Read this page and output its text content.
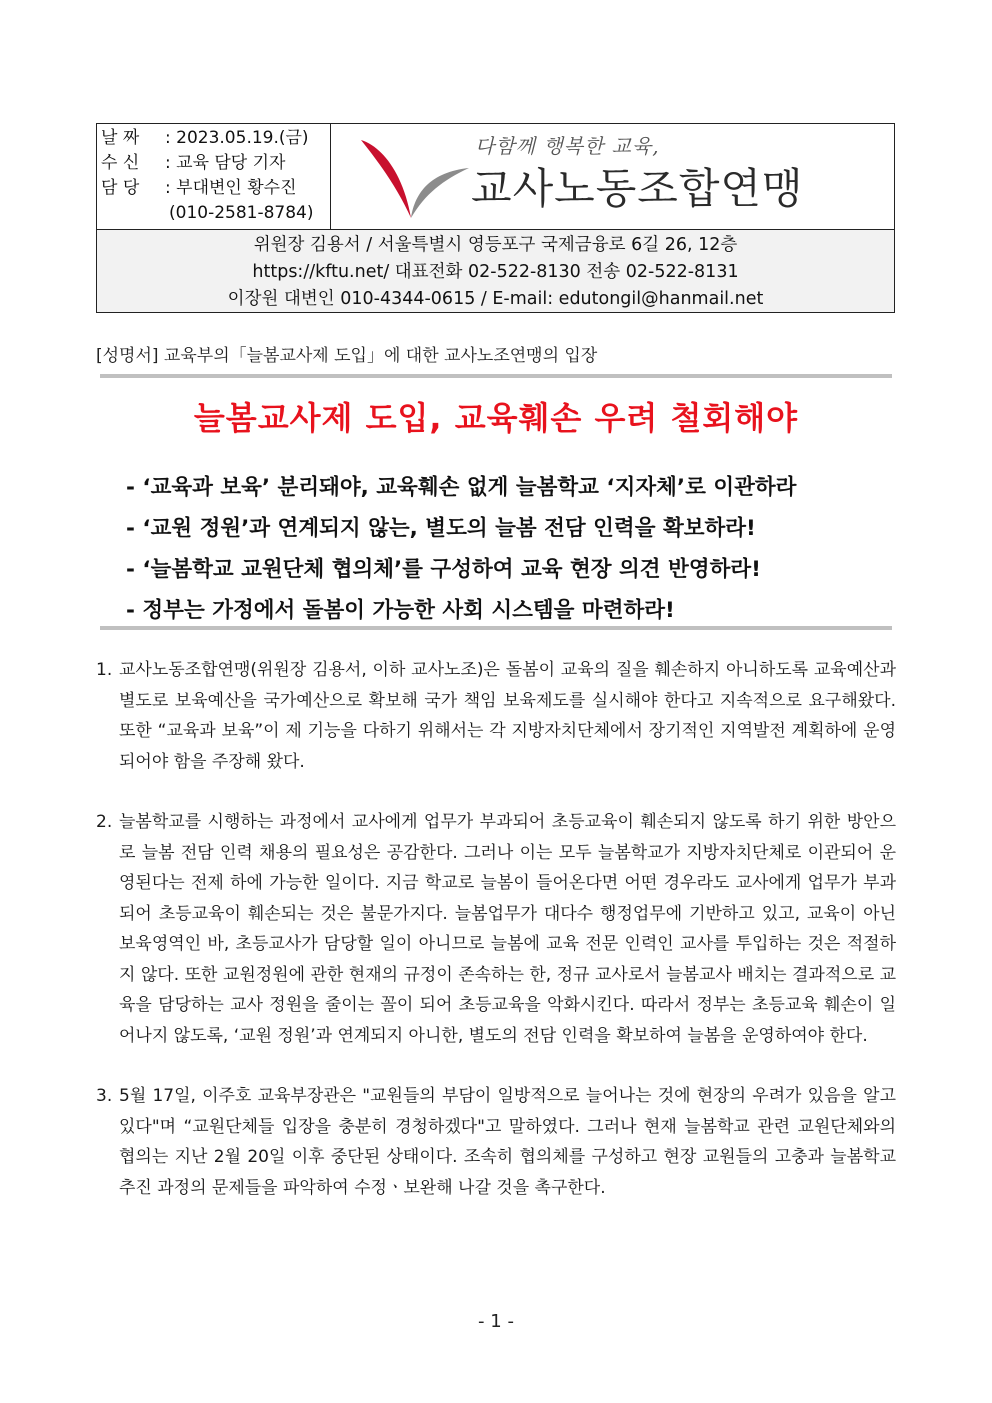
날 짜 : 2023.05.19.(금)
수 신 : 교육 담당 기자
담 당 : 부대변인 황수진
(010-2581-8784)
다함께 행복한 교육,
교사노동조합연맹
위원장 김용서 / 서울특별시 영등포구 국제금융로 6길 26, 12층
https://kftu.net/ 대표전화 02-522-8130 전송 02-522-8131
이장원 대변인 010-4344-0615 / E-mail: edutongil@hanmail.net
[성명서] 교육부의「늘봄교사제 도입」에 대한 교사노조연맹의 입장
늘봄교사제 도입, 교육훼손 우려 철회해야
- ‘교육과 보육’ 분리돼야, 교육훼손 없게 늘봄학교 ‘지자체’로 이관하라
- ‘교원 정원’과 연계되지 않는, 별도의 늘봄 전담 인력을 확보하라!
- ‘늘봄학교 교원단체 협의체’를 구성하여 교육 현장 의견 반영하라!
- 정부는 가정에서 돌봄이 가능한 사회 시스템을 마련하라!
1. 교사노동조합연맹(위원장 김용서, 이하 교사노조)은 돌봄이 교육의 질을 훼손하지 아니하도록 교육예산과 별도로 보육예산을 국가예산으로 확보해 국가 책임 보육제도를 실시해야 한다고 지속적으로 요구해왔다. 또한 “교육과 보육”이 제 기능을 다하기 위해서는 각 지방자치단체에서 장기적인 지역발전 계획하에 운영되어야 함을 주장해 왔다.
2. 늘봄학교를 시행하는 과정에서 교사에게 업무가 부과되어 초등교육이 훼손되지 않도록 하기 위한 방안으로 늘봄 전담 인력 채용의 필요성은 공감한다. 그러나 이는 모두 늘봄학교가 지방자치단체로 이관되어 운영된다는 전제 하에 가능한 일이다. 지금 학교로 늘봄이 들어온다면 어떤 경우라도 교사에게 업무가 부과되어 초등교육이 훼손되는 것은 불문가지다. 늘봄업무가 대다수 행정업무에 기반하고 있고, 교육이 아닌 보육영역인 바, 초등교사가 담당할 일이 아니므로 늘봄에 교육 전문 인력인 교사를 투입하는 것은 적절하지 않다. 또한 교원정원에 관한 현재의 규정이 존속하는 한, 정규 교사로서 늘봄교사 배치는 결과적으로 교육을 담당하는 교사 정원을 줄이는 꼴이 되어 초등교육을 악화시킨다. 따라서 정부는 초등교육 훼손이 일어나지 않도록, ‘교원 정원’과 연계되지 아니한, 별도의 전담 인력을 확보하여 늘봄을 운영하여야 한다.
3. 5월 17일, 이주호 교육부장관은 "교원들의 부담이 일방적으로 늘어나는 것에 현장의 우려가 있음을 알고 있다"며 “교원단체들 입장을 충분히 경청하겠다"고 말하였다. 그러나 현재 늘봄학교 관련 교원단체와의 협의는 지난 2월 20일 이후 중단된 상태이다. 조속히 협의체를 구성하고 현장 교원들의 고충과 늘봄학교 추진 과정의 문제들을 파악하여 수정ㆍ보완해 나갈 것을 촉구한다.
- 1 -
